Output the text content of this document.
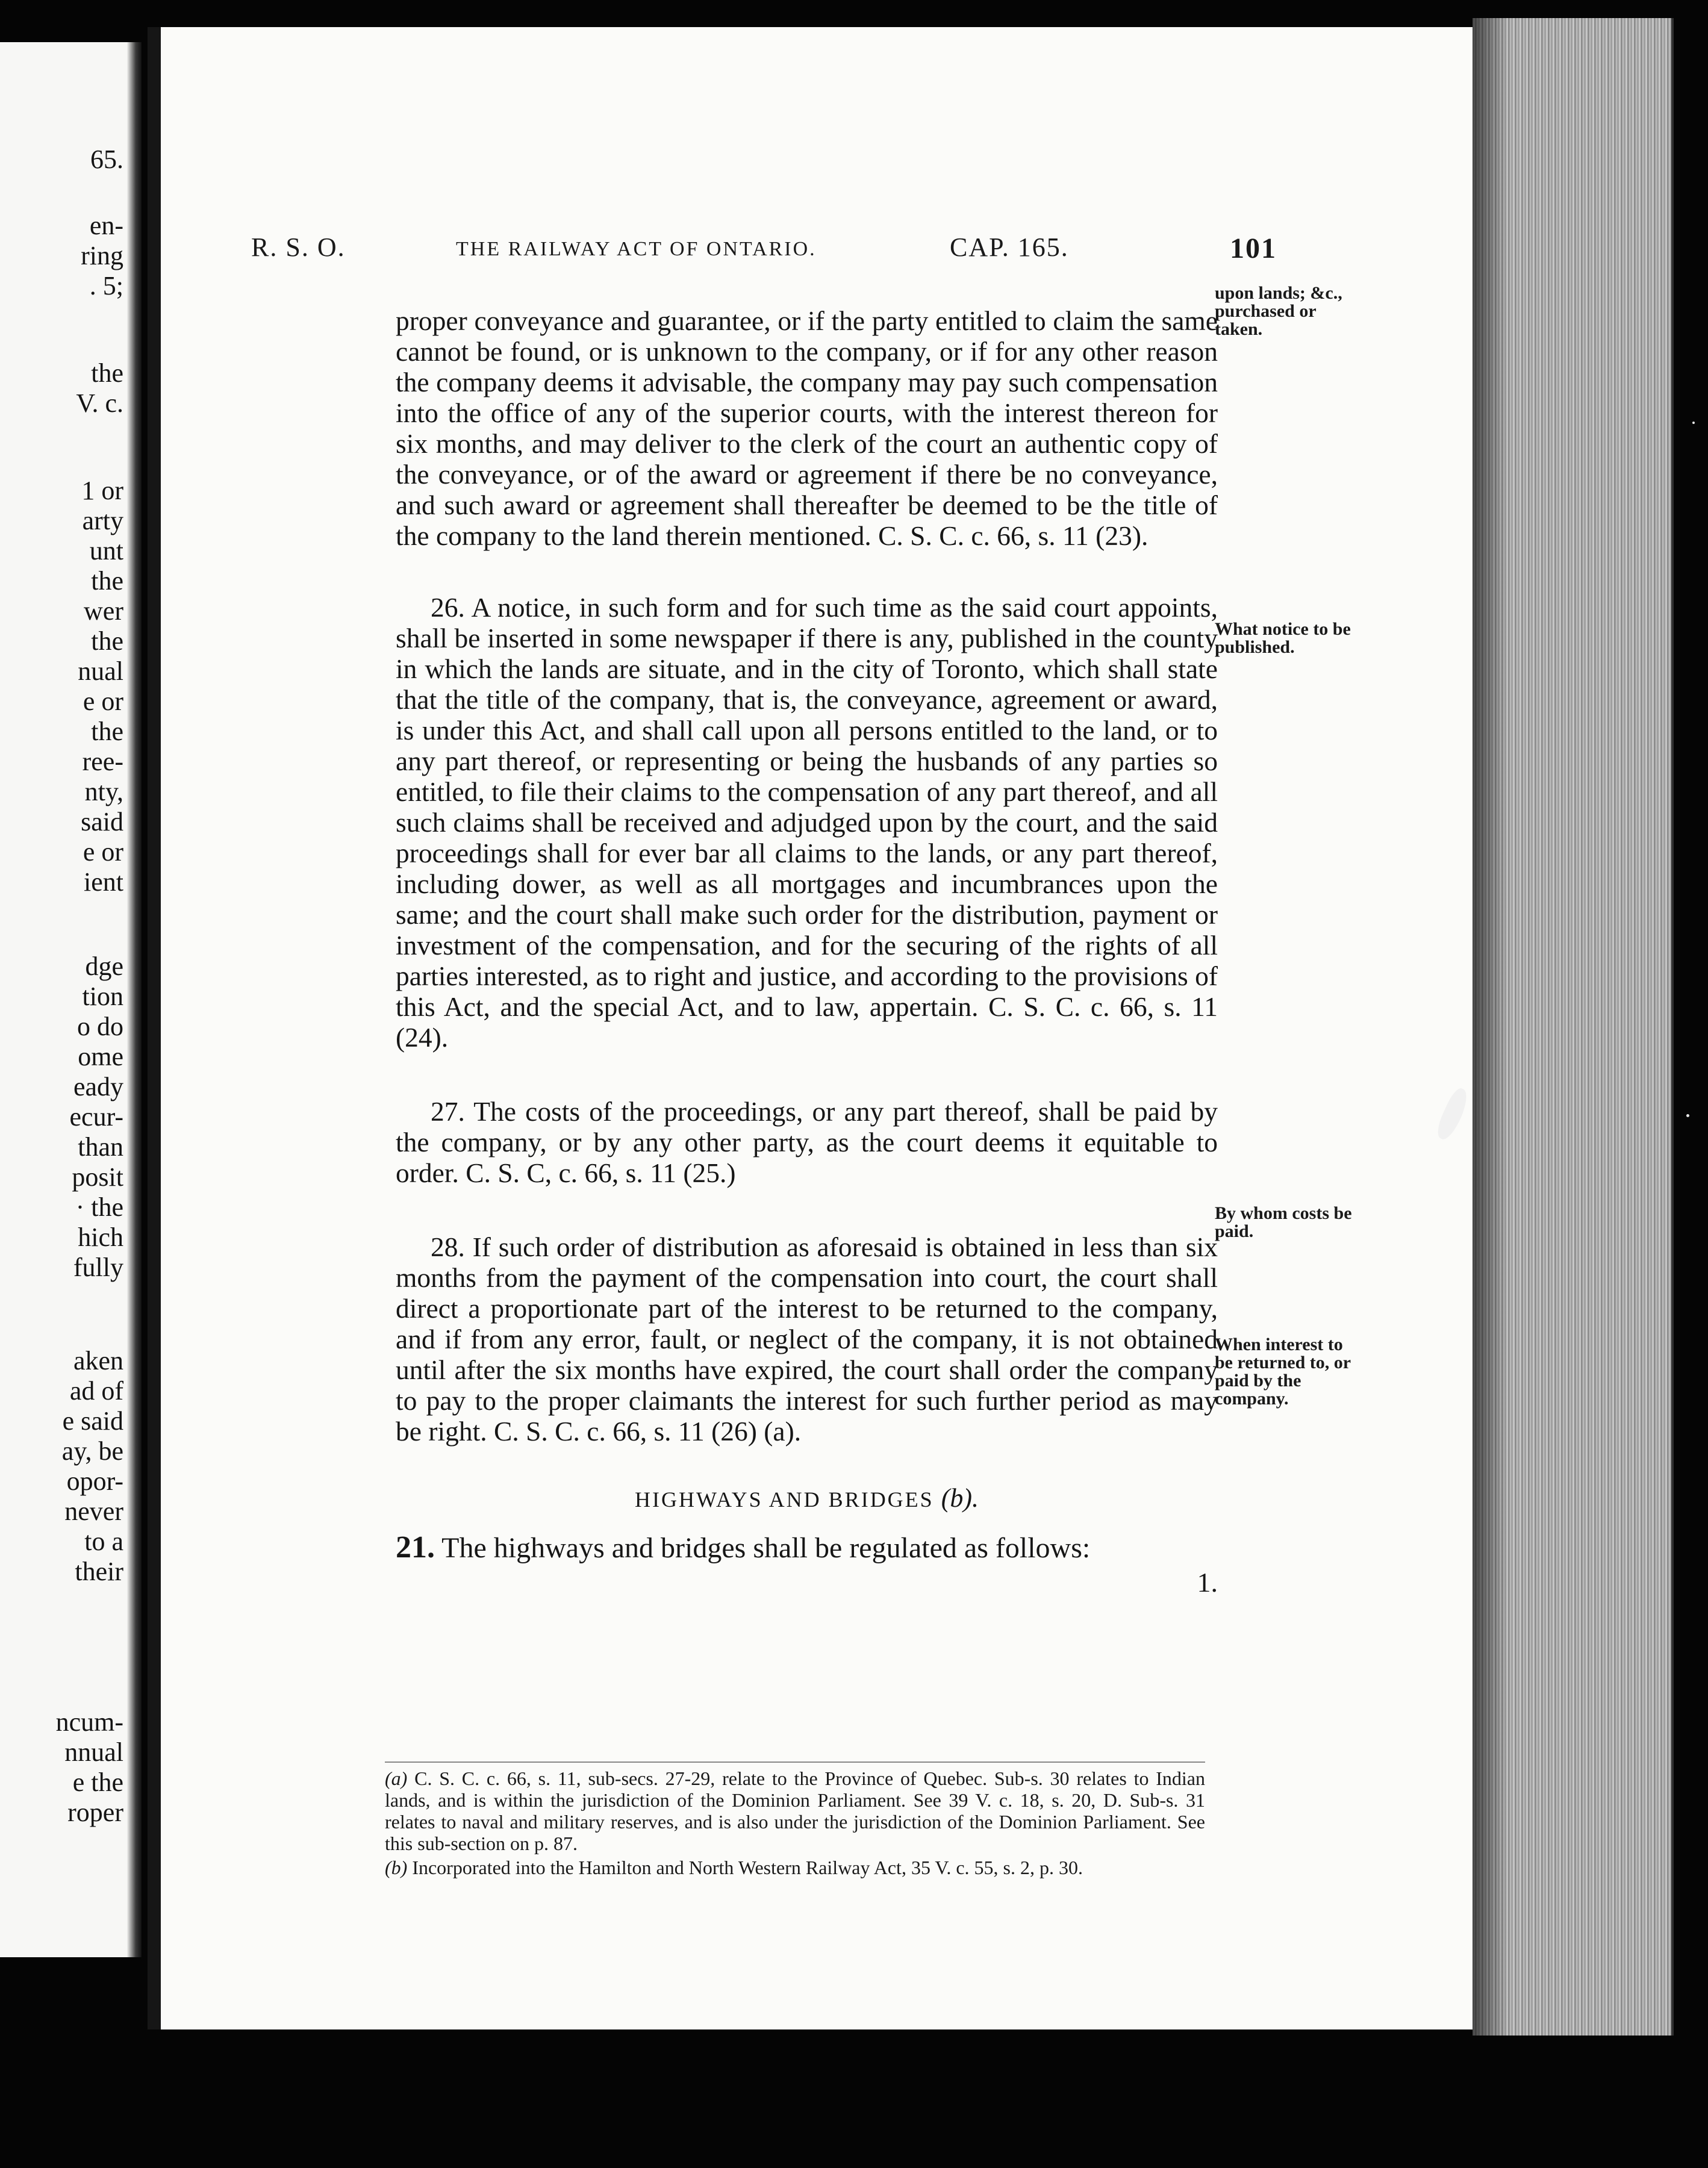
65.
en-
ring
. 5;
the
V. c.
1 or
arty
unt
the
wer
the
nual
e or
the
ree-
nty,
said
e or
ient
dge
tion
o do
ome
eady
ecur-
than
posit
· the
hich
fully
aken
ad of
e said
ay, be
opor-
never
to a
their
ncum-
nnual
e the
roper
R. S. O.	THE RAILWAY ACT OF ONTARIO.	CAP. 165.	101

proper conveyance and guarantee, or if the party entitled to claim the same cannot be found, or is unknown to the company, or if for any other reason the company deems it advisable, the company may pay such compensation into the office of any of the superior courts, with the interest thereon for six months, and may deliver to the clerk of the court an authentic copy of the conveyance, or of the award or agreement if there be no conveyance, and such award or agreement shall thereafter be deemed to be the title of the company to the land therein mentioned. C. S. C. c. 66, s. 11 (23).

26. A notice, in such form and for such time as the said court appoints, shall be inserted in some newspaper if there is any, published in the county in which the lands are situate, and in the city of Toronto, which shall state that the title of the company, that is, the conveyance, agreement or award, is under this Act, and shall call upon all persons entitled to the land, or to any part thereof, or representing or being the husbands of any parties so entitled, to file their claims to the compensation of any part thereof, and all such claims shall be received and adjudged upon by the court, and the said proceedings shall for ever bar all claims to the lands, or any part thereof, including dower, as well as all mortgages and incumbrances upon the same; and the court shall make such order for the distribution, payment or investment of the compensation, and for the securing of the rights of all parties interested, as to right and justice, and according to the provisions of this Act, and the special Act, and to law, appertain. C. S. C. c. 66, s. 11 (24).

27. The costs of the proceedings, or any part thereof, shall be paid by the company, or by any other party, as the court deems it equitable to order. C. S. C, c. 66, s. 11 (25.)

28. If such order of distribution as aforesaid is obtained in less than six months from the payment of the compensation into court, the court shall direct a proportionate part of the interest to be returned to the company, and if from any error, fault, or neglect of the company, it is not obtained until after the six months have expired, the court shall order the company to pay to the proper claimants the interest for such further period as may be right. C. S. C. c. 66, s. 11 (26) (a).

HIGHWAYS AND BRIDGES (b).
21. The highways and bridges shall be regulated as follows:
1.
upon lands; &c., purchased or taken.
What notice to be published.
By whom costs be paid.
When interest to be returned to, or paid by the company.

(a) C. S. C. c. 66, s. 11, sub-secs. 27-29, relate to the Province of Quebec. Sub-s. 30 relates to Indian lands, and is within the jurisdiction of the Dominion Parliament. See 39 V. c. 18, s. 20, D. Sub-s. 31 relates to naval and military reserves, and is also under the jurisdiction of the Dominion Parliament. See this sub-section on p. 87.

(b) Incorporated into the Hamilton and North Western Railway Act, 35 V. c. 55, s. 2, p. 30.
